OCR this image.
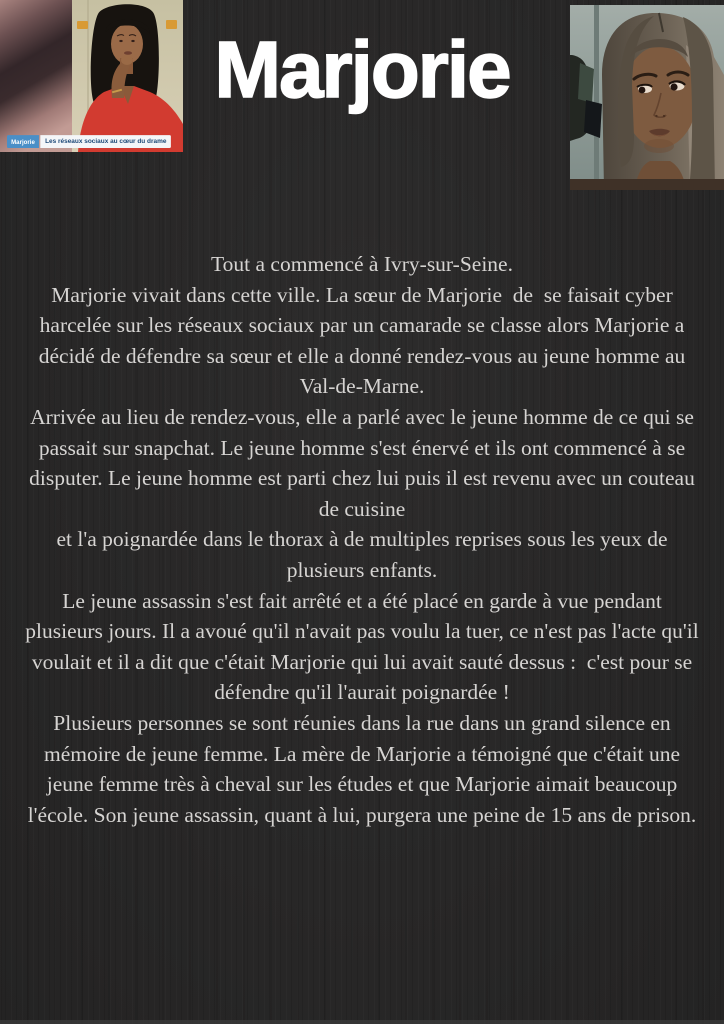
Marjorie	Les réseaux sociaux au cœur du drame
Marjorie
Tout a commencé à Ivry-sur-Seine.
Marjorie vivait dans cette ville. La sœur de Marjorie  de  se faisait cyber
harcelée sur les réseaux sociaux par un camarade se classe alors Marjorie a
décidé de défendre sa sœur et elle a donné rendez-vous au jeune homme au
Val-de-Marne.
Arrivée au lieu de rendez-vous, elle a parlé avec le jeune homme de ce qui se
passait sur snapchat. Le jeune homme s'est énervé et ils ont commencé à se
disputer. Le jeune homme est parti chez lui puis il est revenu avec un couteau
de cuisine
et l'a poignardée dans le thorax à de multiples reprises sous les yeux de
plusieurs enfants.
Le jeune assassin s'est fait arrêté et a été placé en garde à vue pendant
plusieurs jours. Il a avoué qu'il n'avait pas voulu la tuer, ce n'est pas l'acte qu'il
voulait et il a dit que c'était Marjorie qui lui avait sauté dessus :  c'est pour se
défendre qu'il l'aurait poignardée !
Plusieurs personnes se sont réunies dans la rue dans un grand silence en
mémoire de jeune femme. La mère de Marjorie a témoigné que c'était une
jeune femme très à cheval sur les études et que Marjorie aimait beaucoup
l'école. Son jeune assassin, quant à lui, purgera une peine de 15 ans de prison.
